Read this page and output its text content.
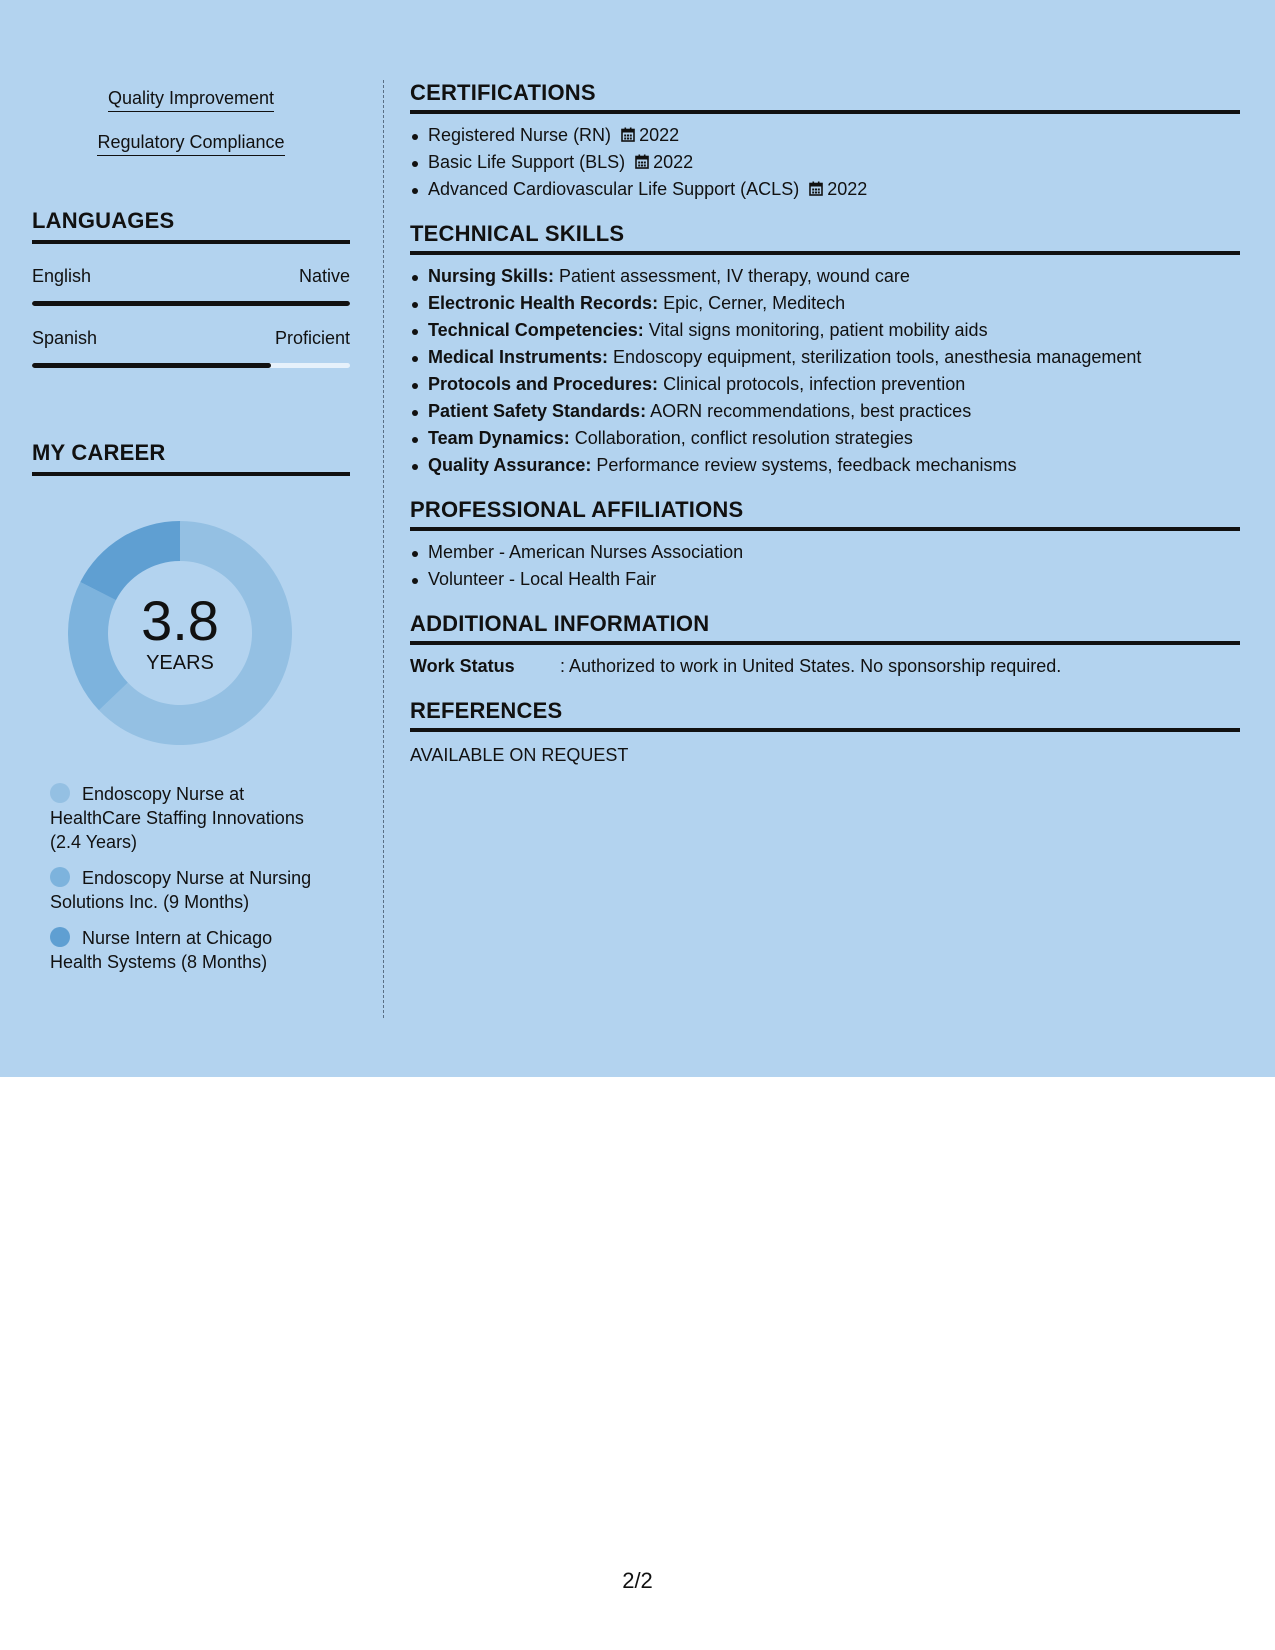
Quality Improvement
Regulatory Compliance
LANGUAGES
English	Native
Spanish	Proficient
MY CAREER
3.8
YEARS
Endoscopy Nurse at HealthCare Staffing Innovations (2.4 Years)
Endoscopy Nurse at Nursing Solutions Inc. (9 Months)
Nurse Intern at Chicago Health Systems (8 Months)
CERTIFICATIONS
Registered Nurse (RN) 2022
Basic Life Support (BLS) 2022
Advanced Cardiovascular Life Support (ACLS) 2022
TECHNICAL SKILLS
Nursing Skills: Patient assessment, IV therapy, wound care
Electronic Health Records: Epic, Cerner, Meditech
Technical Competencies: Vital signs monitoring, patient mobility aids
Medical Instruments: Endoscopy equipment, sterilization tools, anesthesia management
Protocols and Procedures: Clinical protocols, infection prevention
Patient Safety Standards: AORN recommendations, best practices
Team Dynamics: Collaboration, conflict resolution strategies
Quality Assurance: Performance review systems, feedback mechanisms
PROFESSIONAL AFFILIATIONS
Member - American Nurses Association
Volunteer - Local Health Fair
ADDITIONAL INFORMATION
Work Status	: Authorized to work in United States. No sponsorship required.
REFERENCES
AVAILABLE ON REQUEST
2/2
